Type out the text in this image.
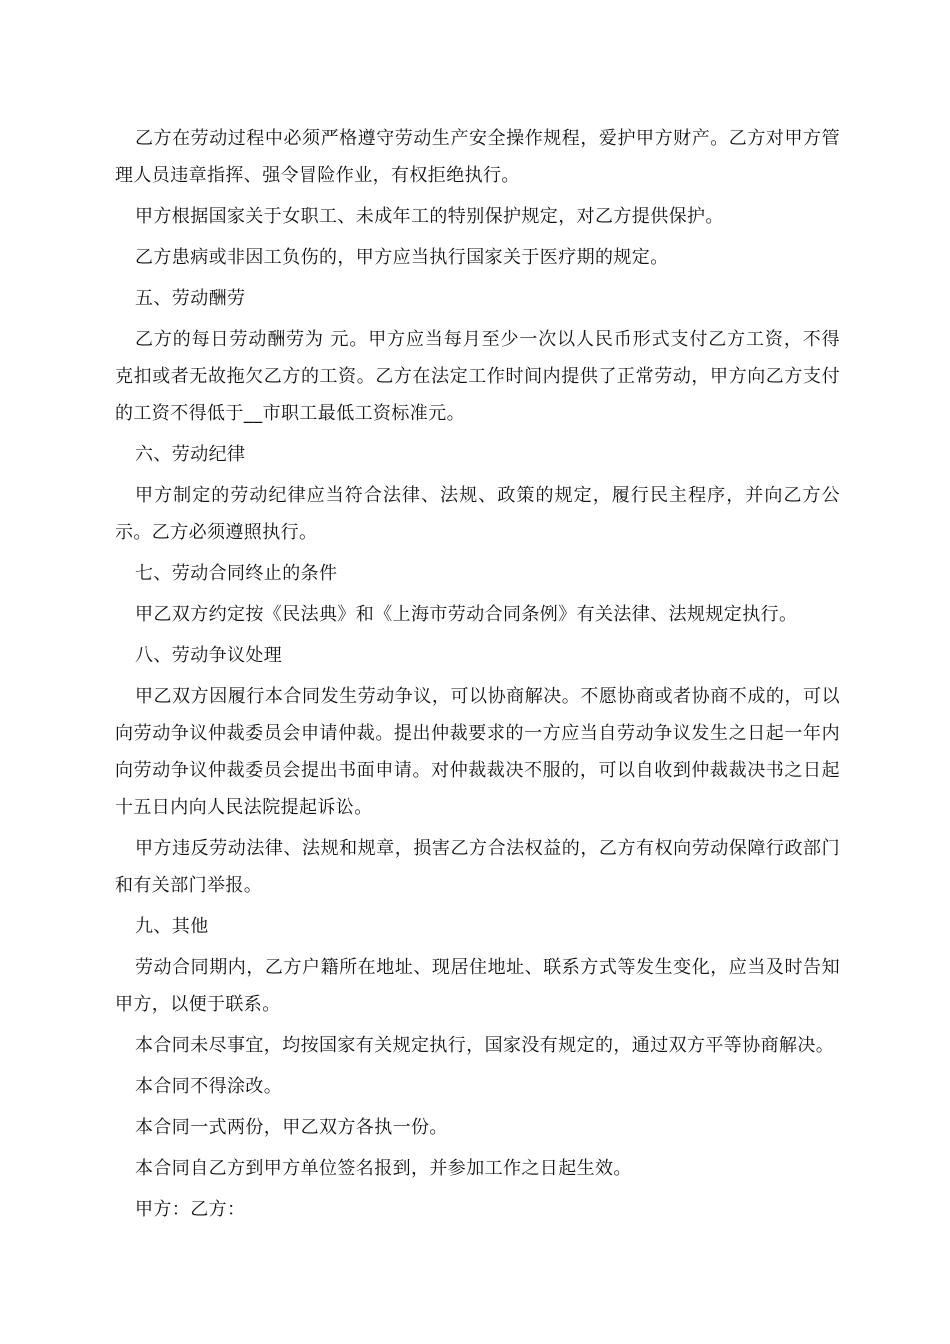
乙方在劳动过程中必须严格遵守劳动生产安全操作规程，爱护甲方财产。乙方对甲方管理人员违章指挥、强令冒险作业，有权拒绝执行。

甲方根据国家关于女职工、未成年工的特别保护规定，对乙方提供保护。

乙方患病或非因工负伤的，甲方应当执行国家关于医疗期的规定。

五、劳动酬劳

乙方的每日劳动酬劳为 元。甲方应当每月至少一次以人民币形式支付乙方工资，不得克扣或者无故拖欠乙方的工资。乙方在法定工作时间内提供了正常劳动，甲方向乙方支付的工资不得低于__市职工最低工资标准元。

六、劳动纪律

甲方制定的劳动纪律应当符合法律、法规、政策的规定，履行民主程序，并向乙方公示。乙方必须遵照执行。

七、劳动合同终止的条件

甲乙双方约定按《民法典》和《上海市劳动合同条例》有关法律、法规规定执行。

八、劳动争议处理

甲乙双方因履行本合同发生劳动争议，可以协商解决。不愿协商或者协商不成的，可以向劳动争议仲裁委员会申请仲裁。提出仲裁要求的一方应当自劳动争议发生之日起一年内向劳动争议仲裁委员会提出书面申请。对仲裁裁决不服的，可以自收到仲裁裁决书之日起十五日内向人民法院提起诉讼。

甲方违反劳动法律、法规和规章，损害乙方合法权益的，乙方有权向劳动保障行政部门和有关部门举报。

九、其他

劳动合同期内，乙方户籍所在地址、现居住地址、联系方式等发生变化，应当及时告知甲方，以便于联系。

本合同未尽事宜，均按国家有关规定执行，国家没有规定的，通过双方平等协商解决。

本合同不得涂改。

本合同一式两份，甲乙双方各执一份。

本合同自乙方到甲方单位签名报到，并参加工作之日起生效。

甲方：乙方：
